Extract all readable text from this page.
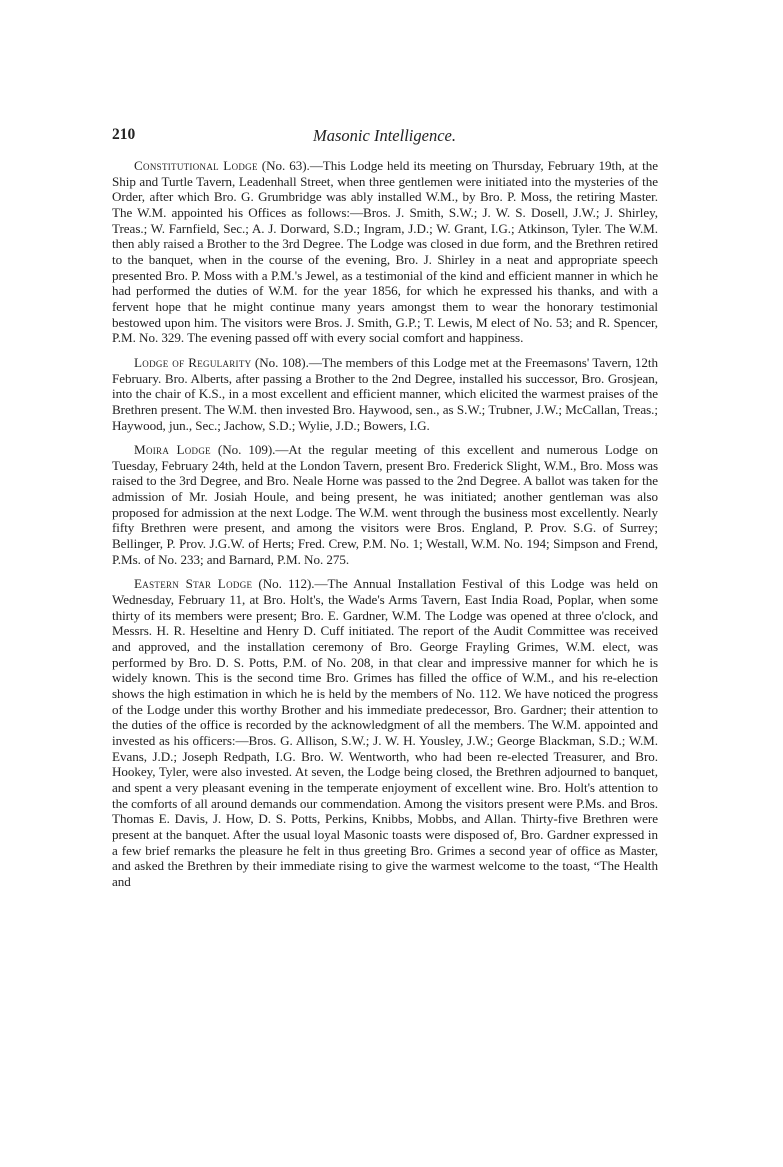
210	Masonic Intelligence.

Constitutional Lodge (No. 63).—This Lodge held its meeting on Thursday, February 19th, at the Ship and Turtle Tavern, Leadenhall Street, when three gentlemen were initiated into the mysteries of the Order, after which Bro. G. Grumbridge was ably installed W.M., by Bro. P. Moss, the retiring Master. The W.M. appointed his Offices as follows:—Bros. J. Smith, S.W.; J. W. S. Dosell, J.W.; J. Shirley, Treas.; W. Farnfield, Sec.; A. J. Dorward, S.D.; Ingram, J.D.; W. Grant, I.G.; Atkinson, Tyler. The W.M. then ably raised a Brother to the 3rd Degree. The Lodge was closed in due form, and the Brethren retired to the banquet, when in the course of the evening, Bro. J. Shirley in a neat and appropriate speech presented Bro. P. Moss with a P.M.'s Jewel, as a testimonial of the kind and efficient manner in which he had performed the duties of W.M. for the year 1856, for which he expressed his thanks, and with a fervent hope that he might continue many years amongst them to wear the honorary testimonial bestowed upon him. The visitors were Bros. J. Smith, G.P.; T. Lewis, M elect of No. 53; and R. Spencer, P.M. No. 329. The evening passed off with every social comfort and happiness.

Lodge of Regularity (No. 108).—The members of this Lodge met at the Freemasons' Tavern, 12th February. Bro. Alberts, after passing a Brother to the 2nd Degree, installed his successor, Bro. Grosjean, into the chair of K.S., in a most excellent and efficient manner, which elicited the warmest praises of the Brethren present. The W.M. then invested Bro. Haywood, sen., as S.W.; Trubner, J.W.; McCallan, Treas.; Haywood, jun., Sec.; Jachow, S.D.; Wylie, J.D.; Bowers, I.G.

Moira Lodge (No. 109).—At the regular meeting of this excellent and numerous Lodge on Tuesday, February 24th, held at the London Tavern, present Bro. Frederick Slight, W.M., Bro. Moss was raised to the 3rd Degree, and Bro. Neale Horne was passed to the 2nd Degree. A ballot was taken for the admission of Mr. Josiah Houle, and being present, he was initiated; another gentleman was also proposed for admission at the next Lodge. The W.M. went through the business most excellently. Nearly fifty Brethren were present, and among the visitors were Bros. England, P. Prov. S.G. of Surrey; Bellinger, P. Prov. J.G.W. of Herts; Fred. Crew, P.M. No. 1; Westall, W.M. No. 194; Simpson and Frend, P.Ms. of No. 233; and Barnard, P.M. No. 275.

Eastern Star Lodge (No. 112).—The Annual Installation Festival of this Lodge was held on Wednesday, February 11, at Bro. Holt's, the Wade's Arms Tavern, East India Road, Poplar, when some thirty of its members were present; Bro. E. Gardner, W.M. The Lodge was opened at three o'clock, and Messrs. H. R. Heseltine and Henry D. Cuff initiated. The report of the Audit Committee was received and approved, and the installation ceremony of Bro. George Frayling Grimes, W.M. elect, was performed by Bro. D. S. Potts, P.M. of No. 208, in that clear and impressive manner for which he is widely known. This is the second time Bro. Grimes has filled the office of W.M., and his re-election shows the high estimation in which he is held by the members of No. 112. We have noticed the progress of the Lodge under this worthy Brother and his immediate predecessor, Bro. Gardner; their attention to the duties of the office is recorded by the acknowledgment of all the members. The W.M. appointed and invested as his officers:—Bros. G. Allison, S.W.; J. W. H. Yousley, J.W.; George Blackman, S.D.; W.M. Evans, J.D.; Joseph Redpath, I.G. Bro. W. Wentworth, who had been re-elected Treasurer, and Bro. Hookey, Tyler, were also invested. At seven, the Lodge being closed, the Brethren adjourned to banquet, and spent a very pleasant evening in the temperate enjoyment of excellent wine. Bro. Holt's attention to the comforts of all around demands our commendation. Among the visitors present were P.Ms. and Bros. Thomas E. Davis, J. How, D. S. Potts, Perkins, Knibbs, Mobbs, and Allan. Thirty-five Brethren were present at the banquet. After the usual loyal Masonic toasts were disposed of, Bro. Gardner expressed in a few brief remarks the pleasure he felt in thus greeting Bro. Grimes a second year of office as Master, and asked the Brethren by their immediate rising to give the warmest welcome to the toast, “The Health and
